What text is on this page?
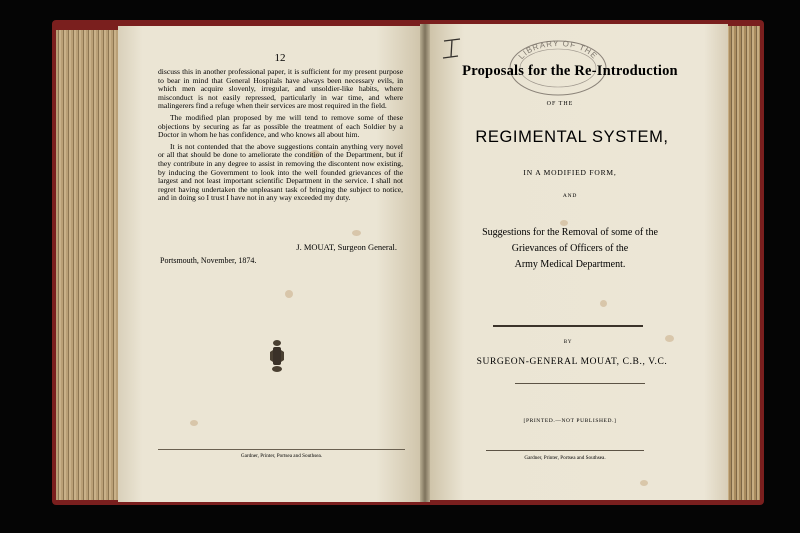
12

discuss this in another professional paper, it is sufficient for my present purpose to bear in mind that General Hospitals have always been necessary evils, in which men acquire slovenly, irregular, and unsoldier-like habits, where misconduct is not easily repressed, particularly in war time, and where malingerers find a refuge when their services are most required in the field.

The modified plan proposed by me will tend to remove some of these objections by securing as far as possible the treatment of each Soldier by a Doctor in whom he has confidence, and who knows all about him.

It is not contended that the above suggestions contain anything very novel or all that should be done to ameliorate the condition of the Department, but if they contribute in any degree to assist in removing the discontent now existing, by inducing the Government to look into the well founded grievances of the largest and not least important scientific Department in the service. I shall not regret having undertaken the unpleasant task of bringing the subject to notice, and in doing so I trust I have not in any way exceeded my duty.

J. MOUAT, Surgeon General.
Portsmouth, November, 1874.
Gardner, Printer, Portsea and Southsea.
I
LIBRARY OF THE
Proposals for the Re-Introduction
OF THE
REGIMENTAL SYSTEM,
IN A MODIFIED FORM,
AND
Suggestions for the Removal of some of the
Grievances of Officers of the
Army Medical Department.
BY
SURGEON-GENERAL MOUAT, C.B., V.C.
[PRINTED.—NOT PUBLISHED.]
Gardner, Printer, Portsea and Southsea.
